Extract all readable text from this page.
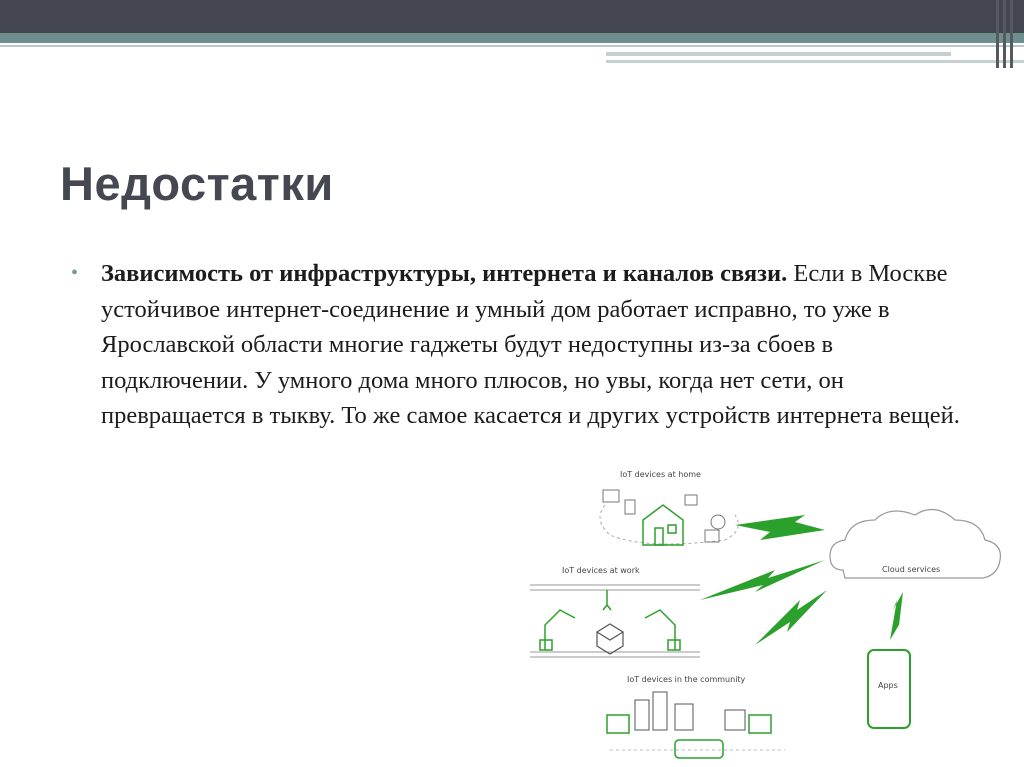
Недостатки
• Зависимость от инфраструктуры, интернета и каналов связи. Если в Москве устойчивое интернет-соединение и умный дом работает исправно, то уже в Ярославской области многие гаджеты будут недоступны из-за сбоев в подключении. У умного дома много плюсов, но увы, когда нет сети, он превращается в тыкву. То же самое касается и других устройств интернета вещей.

IoT devices at home
IoT devices at work
IoT devices in the community
Cloud services
Apps
